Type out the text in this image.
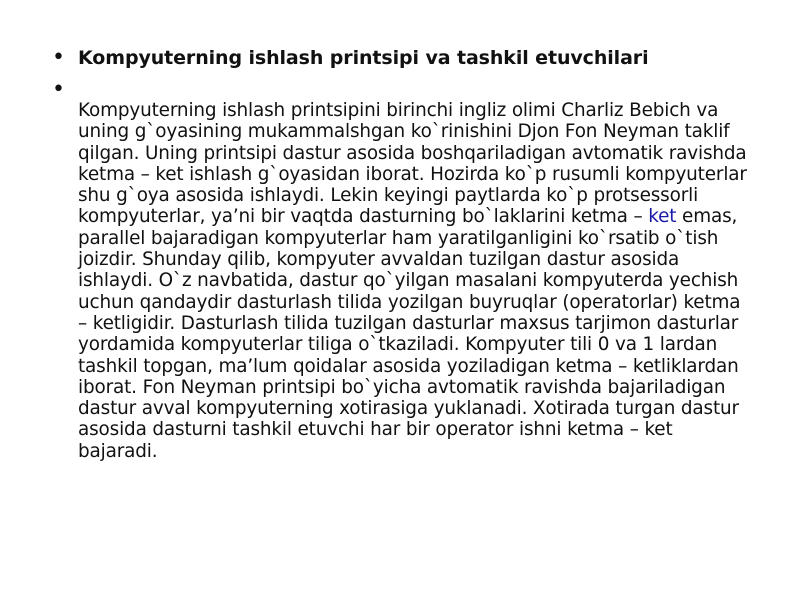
• Kompyuterning ishlash printsipi va tashkil etuvchilari
•
Kompyuterning ishlash printsipini birinchi ingliz olimi Charliz Bebich va uning g`oyasining mukammalshgan ko`rinishini Djon Fon Neyman taklif qilgan. Uning printsipi dastur asosida boshqariladigan avtomatik ravishda ketma – ket ishlash g`oyasidan iborat. Hozirda ko`p rusumli kompyuterlar shu g`oya asosida ishlaydi. Lekin keyingi paytlarda ko`p protsessorli kompyuterlar, ya’ni bir vaqtda dasturning bo`laklarini ketma – ket emas, parallel bajaradigan kompyuterlar ham yaratilganligini ko`rsatib o`tish joizdir. Shunday qilib, kompyuter avvaldan tuzilgan dastur asosida ishlaydi. O`z navbatida, dastur qo`yilgan masalani kompyuterda yechish uchun qandaydir dasturlash tilida yozilgan buyruqlar (operatorlar) ketma – ketligidir. Dasturlash tilida tuzilgan dasturlar maxsus tarjimon dasturlar yordamida kompyuterlar tiliga o`tkaziladi. Kompyuter tili 0 va 1 lardan tashkil topgan, ma’lum qoidalar asosida yoziladigan ketma – ketliklardan iborat. Fon Neyman printsipi bo`yicha avtomatik ravishda bajariladigan dastur avval kompyuterning xotirasiga yuklanadi. Xotirada turgan dastur asosida dasturni tashkil etuvchi har bir operator ishni ketma – ket bajaradi.
